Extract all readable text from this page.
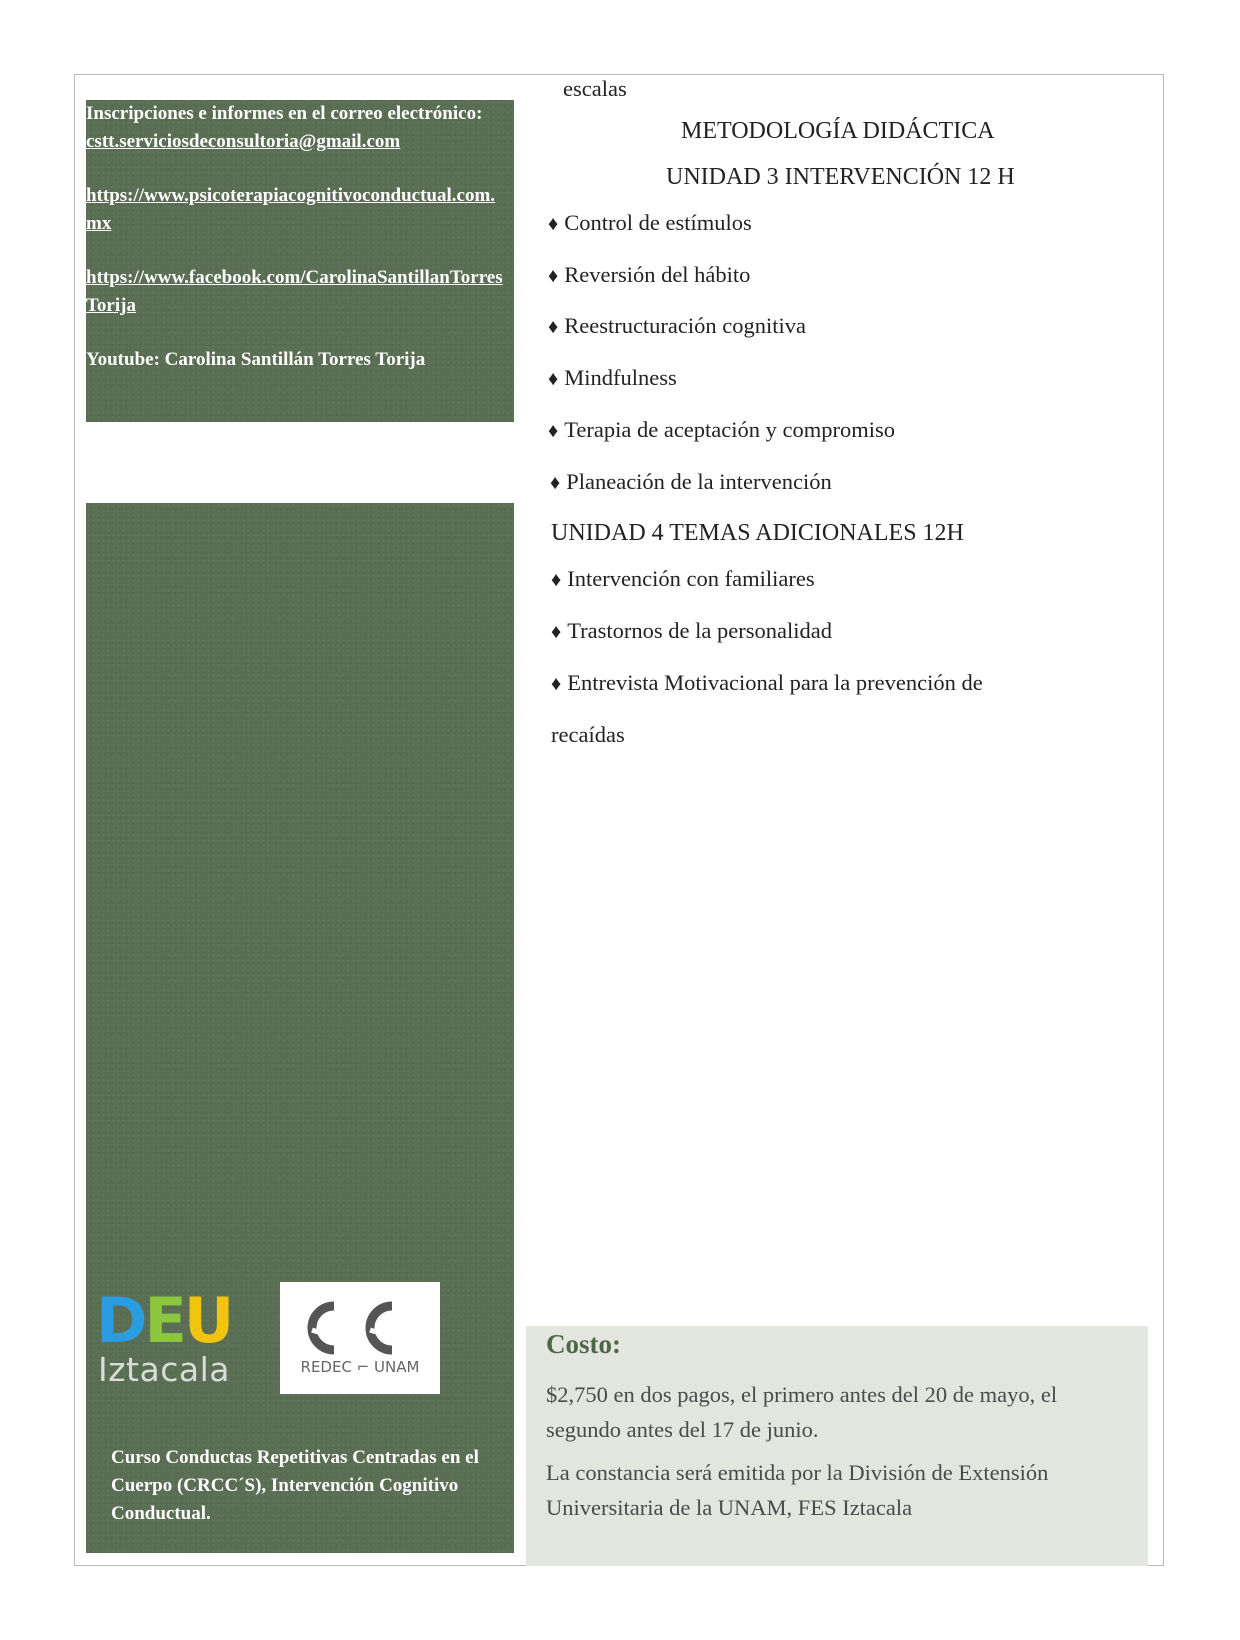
Inscripciones e informes en el correo electrónico:
cstt.serviciosdeconsultoria@gmail.com

https://www.psicoterapiacognitivoconductual.com.mx

https://www.facebook.com/CarolinaSantillanTorresTorija

Youtube: Carolina Santillán Torres Torija

DEU
Iztacala	REDEC ⌐ UNAM
Curso Conductas Repetitivas Centradas en el Cuerpo (CRCC´S), Intervención Cognitivo Conductual.
escalas
METODOLOGÍA DIDÁCTICA
UNIDAD 3 INTERVENCIÓN 12 H
♦ Control de estímulos
♦ Reversión del hábito
♦ Reestructuración cognitiva
♦ Mindfulness
♦ Terapia de aceptación y compromiso
♦ Planeación de la intervención
UNIDAD 4 TEMAS ADICIONALES 12H
♦ Intervención con familiares
♦ Trastornos de la personalidad
♦ Entrevista Motivacional para la prevención de
recaídas
Costo:
$2,750 en dos pagos, el primero antes del 20 de mayo, el segundo antes del 17 de junio.
La constancia será emitida por la División de Extensión Universitaria de la UNAM, FES Iztacala
